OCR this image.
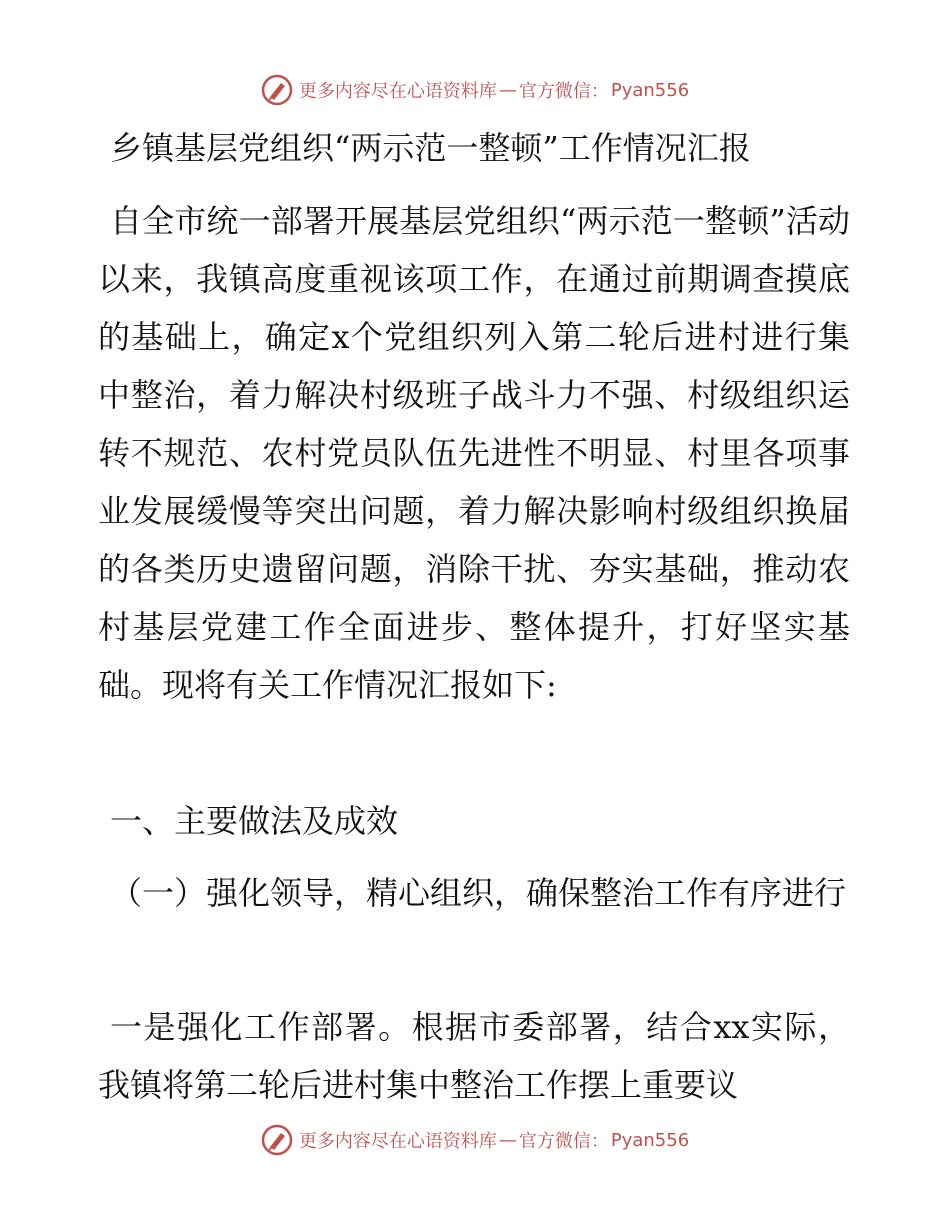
更多内容尽在心语资料库 — 官方微信： Pyan556
乡镇基层党组织“两示范一整顿”工作情况汇报
自全市统一部署开展基层党组织“两示范一整顿”活动以来，我镇高度重视该项工作，在通过前期调查摸底的基础上，确定x个党组织列入第二轮后进村进行集中整治，着力解决村级班子战斗力不强、村级组织运转不规范、农村党员队伍先进性不明显、村里各项事业发展缓慢等突出问题，着力解决影响村级组织换届的各类历史遗留问题，消除干扰、夯实基础，推动农村基层党建工作全面进步、整体提升，打好坚实基础。现将有关工作情况汇报如下:
一、主要做法及成效
（一）强化领导，精心组织，确保整治工作有序进行
一是强化工作部署。根据市委部署，结合xx实际，我镇将第二轮后进村集中整治工作摆上重要议
更多内容尽在心语资料库 — 官方微信： Pyan556
